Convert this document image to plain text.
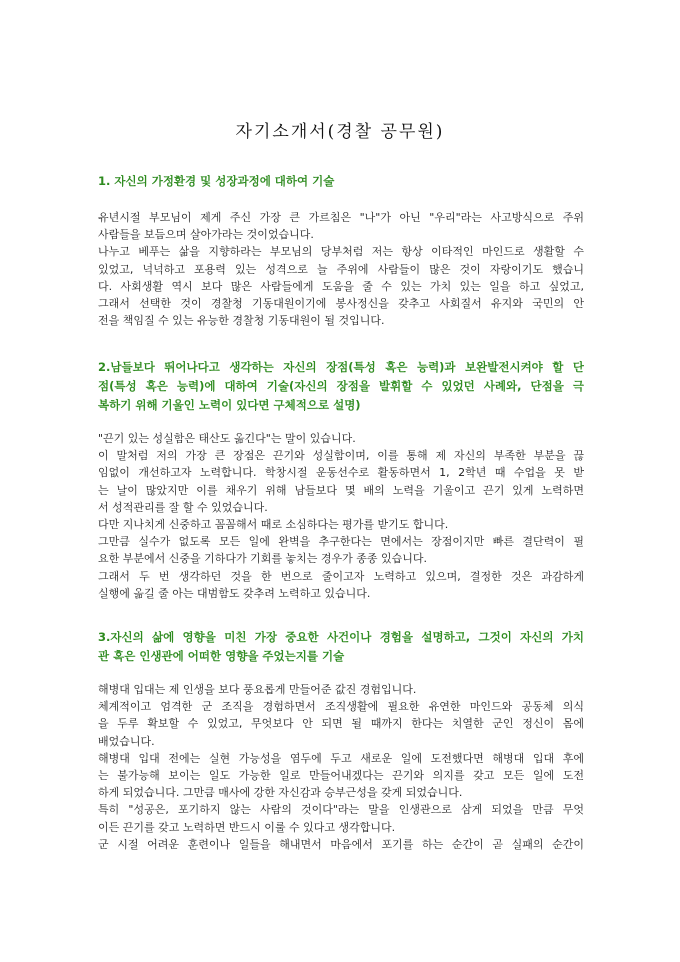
자기소개서(경찰 공무원)
1. 자신의 가정환경 및 성장과정에 대하여 기술
유년시절 부모님이 제게 주신 가장 큰 가르침은 "나"가 아닌 "우리"라는 사고방식으로 주위
사람들을 보듬으며 살아가라는 것이었습니다.
나누고 베푸는 삶을 지향하라는 부모님의 당부처럼 저는 항상 이타적인 마인드로 생활할 수
있었고, 넉넉하고 포용력 있는 성격으로 늘 주위에 사람들이 많은 것이 자랑이기도 했습니
다. 사회생활 역시 보다 많은 사람들에게 도움을 줄 수 있는 가치 있는 일을 하고 싶었고,
그래서 선택한 것이 경찰청 기동대원이기에 봉사정신을 갖추고 사회질서 유지와 국민의 안
전을 책임질 수 있는 유능한 경찰청 기동대원이 될 것입니다.
2.남들보다 뛰어나다고 생각하는 자신의 장점(특성 혹은 능력)과 보완발전시켜야 할 단
점(특성 혹은 능력)에 대하여 기술(자신의 장점을 발휘할 수 있었던 사례와, 단점을 극
복하기 위해 기울인 노력이 있다면 구체적으로 설명)
"끈기 있는 성실함은 태산도 옮긴다"는 말이 있습니다.
이 말처럼 저의 가장 큰 장점은 끈기와 성실함이며, 이를 통해 제 자신의 부족한 부분을 끊
임없이 개선하고자 노력합니다. 학창시절 운동선수로 활동하면서 1, 2학년 때 수업을 못 받
는 날이 많았지만 이를 채우기 위해 남들보다 몇 배의 노력을 기울이고 끈기 있게 노력하면
서 성적관리를 잘 할 수 있었습니다.
다만 지나치게 신중하고 꼼꼼해서 때로 소심하다는 평가를 받기도 합니다.
그만큼 실수가 없도록 모든 일에 완벽을 추구한다는 면에서는 장점이지만 빠른 결단력이 필
요한 부분에서 신중을 기하다가 기회를 놓치는 경우가 종종 있습니다.
그래서 두 번 생각하던 것을 한 번으로 줄이고자 노력하고 있으며, 결정한 것은 과감하게
실행에 옮길 줄 아는 대범함도 갖추려 노력하고 있습니다.
3.자신의 삶에 영향을 미친 가장 중요한 사건이나 경험을 설명하고, 그것이 자신의 가치
관 혹은 인생관에 어떠한 영향을 주었는지를 기술
해병대 입대는 제 인생을 보다 풍요롭게 만들어준 값진 경험입니다.
체계적이고 엄격한 군 조직을 경험하면서 조직생활에 필요한 유연한 마인드와 공동체 의식
을 두루 확보할 수 있었고, 무엇보다 안 되면 될 때까지 한다는 치열한 군인 정신이 몸에
배었습니다.
해병대 입대 전에는 실현 가능성을 염두에 두고 새로운 일에 도전했다면 해병대 입대 후에
는 불가능해 보이는 일도 가능한 일로 만들어내겠다는 끈기와 의지를 갖고 모든 일에 도전
하게 되었습니다. 그만큼 매사에 강한 자신감과 승부근성을 갖게 되었습니다.
특히 "성공은, 포기하지 않는 사람의 것이다"라는 말을 인생관으로 삼게 되었을 만큼 무엇
이든 끈기를 갖고 노력하면 반드시 이룰 수 있다고 생각합니다.
군 시절 어려운 훈련이나 일들을 해내면서 마음에서 포기를 하는 순간이 곧 실패의 순간이
